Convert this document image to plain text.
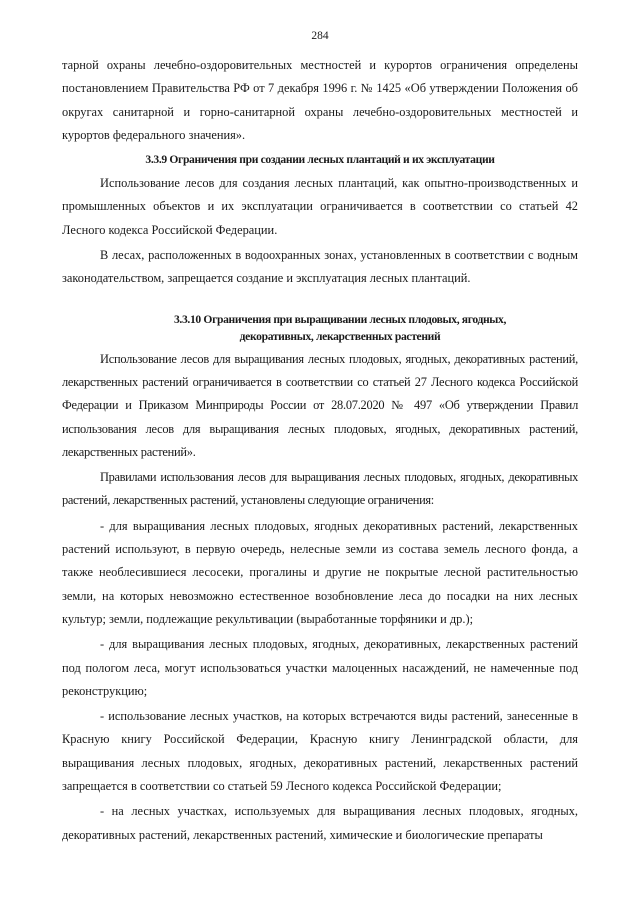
284

тарной охраны лечебно-оздоровительных местностей и курортов ограничения определены постановлением Правительства РФ от 7 декабря 1996 г. № 1425 «Об утверждении Положения об округах санитарной и горно-санитарной охраны лечебно-оздоровительных местностей и курортов федерального значения».

3.3.9 Ограничения при создании лесных плантаций и их эксплуатации

Использование лесов для создания лесных плантаций, как опытно-производственных и промышленных объектов и их эксплуатации ограничивается в соответствии со статьей 42 Лесного кодекса Российской Федерации.

В лесах, расположенных в водоохранных зонах, установленных в соответствии с водным законодательством, запрещается создание и эксплуатация лесных плантаций.

3.3.10 Ограничения при выращивании лесных плодовых, ягодных,
декоративных, лекарственных растений

Использование лесов для выращивания лесных плодовых, ягодных, декоративных растений, лекарственных растений ограничивается в соответствии со статьей 27 Лесного кодекса Российской Федерации и Приказом Минприроды России от 28.07.2020 № 497 «Об утверждении Правил использования лесов для выращивания лесных плодовых, ягодных, декоративных растений, лекарственных растений».

Правилами использования лесов для выращивания лесных плодовых, ягодных, декоративных растений, лекарственных растений, установлены следующие ограничения:

- для выращивания лесных плодовых, ягодных декоративных растений, лекарственных растений используют, в первую очередь, нелесные земли из состава земель лесного фонда, а также необлесившиеся лесосеки, прогалины и другие не покрытые лесной растительностью земли, на которых невозможно естественное возобновление леса до посадки на них лесных культур; земли, подлежащие рекультивации (выработанные торфяники и др.);

- для выращивания лесных плодовых, ягодных, декоративных, лекарственных растений под пологом леса, могут использоваться участки малоценных насаждений, не намеченные под реконструкцию;

- использование лесных участков, на которых встречаются виды растений, занесенные в Красную книгу Российской Федерации, Красную книгу Ленинградской области, для выращивания лесных плодовых, ягодных, декоративных растений, лекарственных растений запрещается в соответствии со статьей 59 Лесного кодекса Российской Федерации;

- на лесных участках, используемых для выращивания лесных плодовых, ягодных, декоративных растений, лекарственных растений, химические и биологические препараты
